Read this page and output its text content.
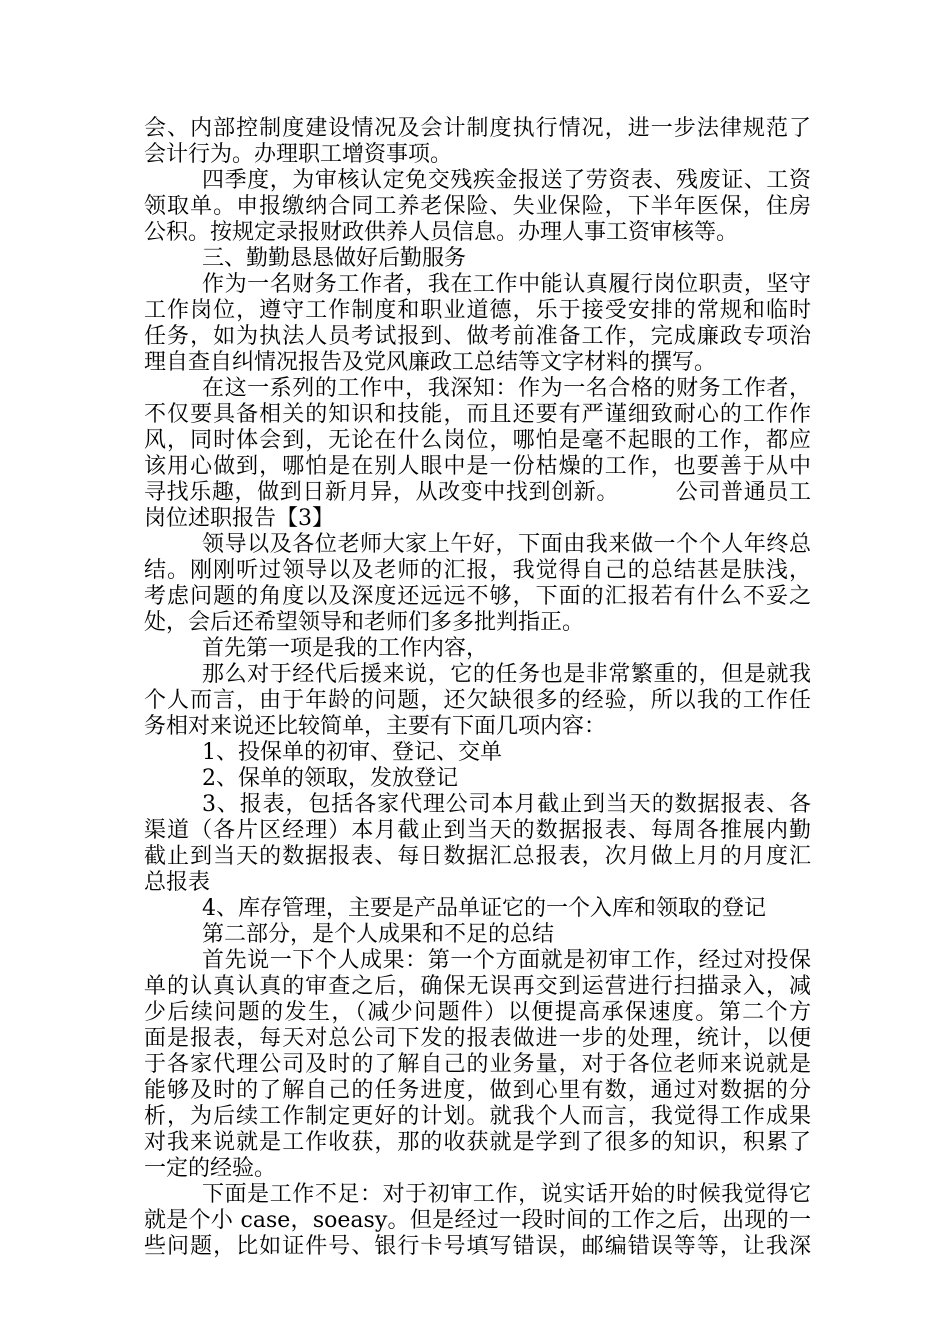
会、内部控制度建设情况及会计制度执行情况，进一步法律规范了
会计行为。办理职工增资事项。
四季度，为审核认定免交残疾金报送了劳资表、残废证、工资
领取单。申报缴纳合同工养老保险、失业保险，下半年医保，住房
公积。按规定录报财政供养人员信息。办理人事工资审核等。
三、勤勤恳恳做好后勤服务
作为一名财务工作者，我在工作中能认真履行岗位职责，坚守
工作岗位，遵守工作制度和职业道德，乐于接受安排的常规和临时
任务，如为执法人员考试报到、做考前准备工作，完成廉政专项治
理自查自纠情况报告及党风廉政工总结等文字材料的撰写。
在这一系列的工作中，我深知：作为一名合格的财务工作者，
不仅要具备相关的知识和技能，而且还要有严谨细致耐心的工作作
风，同时体会到，无论在什么岗位，哪怕是毫不起眼的工作，都应
该用心做到，哪怕是在别人眼中是一份枯燥的工作，也要善于从中
寻找乐趣，做到日新月异，从改变中找到创新。　　　公司普通员工
岗位述职报告【3】
领导以及各位老师大家上午好，下面由我来做一个个人年终总
结。刚刚听过领导以及老师的汇报，我觉得自己的总结甚是肤浅，
考虑问题的角度以及深度还远远不够，下面的汇报若有什么不妥之
处，会后还希望领导和老师们多多批判指正。
首先第一项是我的工作内容，
那么对于经代后援来说，它的任务也是非常繁重的，但是就我
个人而言，由于年龄的问题，还欠缺很多的经验，所以我的工作任
务相对来说还比较简单，主要有下面几项内容：
1、投保单的初审、登记、交单
2、保单的领取，发放登记
3、报表，包括各家代理公司本月截止到当天的数据报表、各
渠道（各片区经理）本月截止到当天的数据报表、每周各推展内勤
截止到当天的数据报表、每日数据汇总报表，次月做上月的月度汇
总报表
4、库存管理，主要是产品单证它的一个入库和领取的登记
第二部分，是个人成果和不足的总结
首先说一下个人成果：第一个方面就是初审工作，经过对投保
单的认真认真的审查之后，确保无误再交到运营进行扫描录入，减
少后续问题的发生，（减少问题件）以便提高承保速度。第二个方
面是报表，每天对总公司下发的报表做进一步的处理，统计，以便
于各家代理公司及时的了解自己的业务量，对于各位老师来说就是
能够及时的了解自己的任务进度，做到心里有数，通过对数据的分
析，为后续工作制定更好的计划。就我个人而言，我觉得工作成果
对我来说就是工作收获，那的收获就是学到了很多的知识，积累了
一定的经验。
下面是工作不足：对于初审工作，说实话开始的时候我觉得它
就是个小 case，soeasy。但是经过一段时间的工作之后，出现的一
些问题，比如证件号、银行卡号填写错误，邮编错误等等，让我深
